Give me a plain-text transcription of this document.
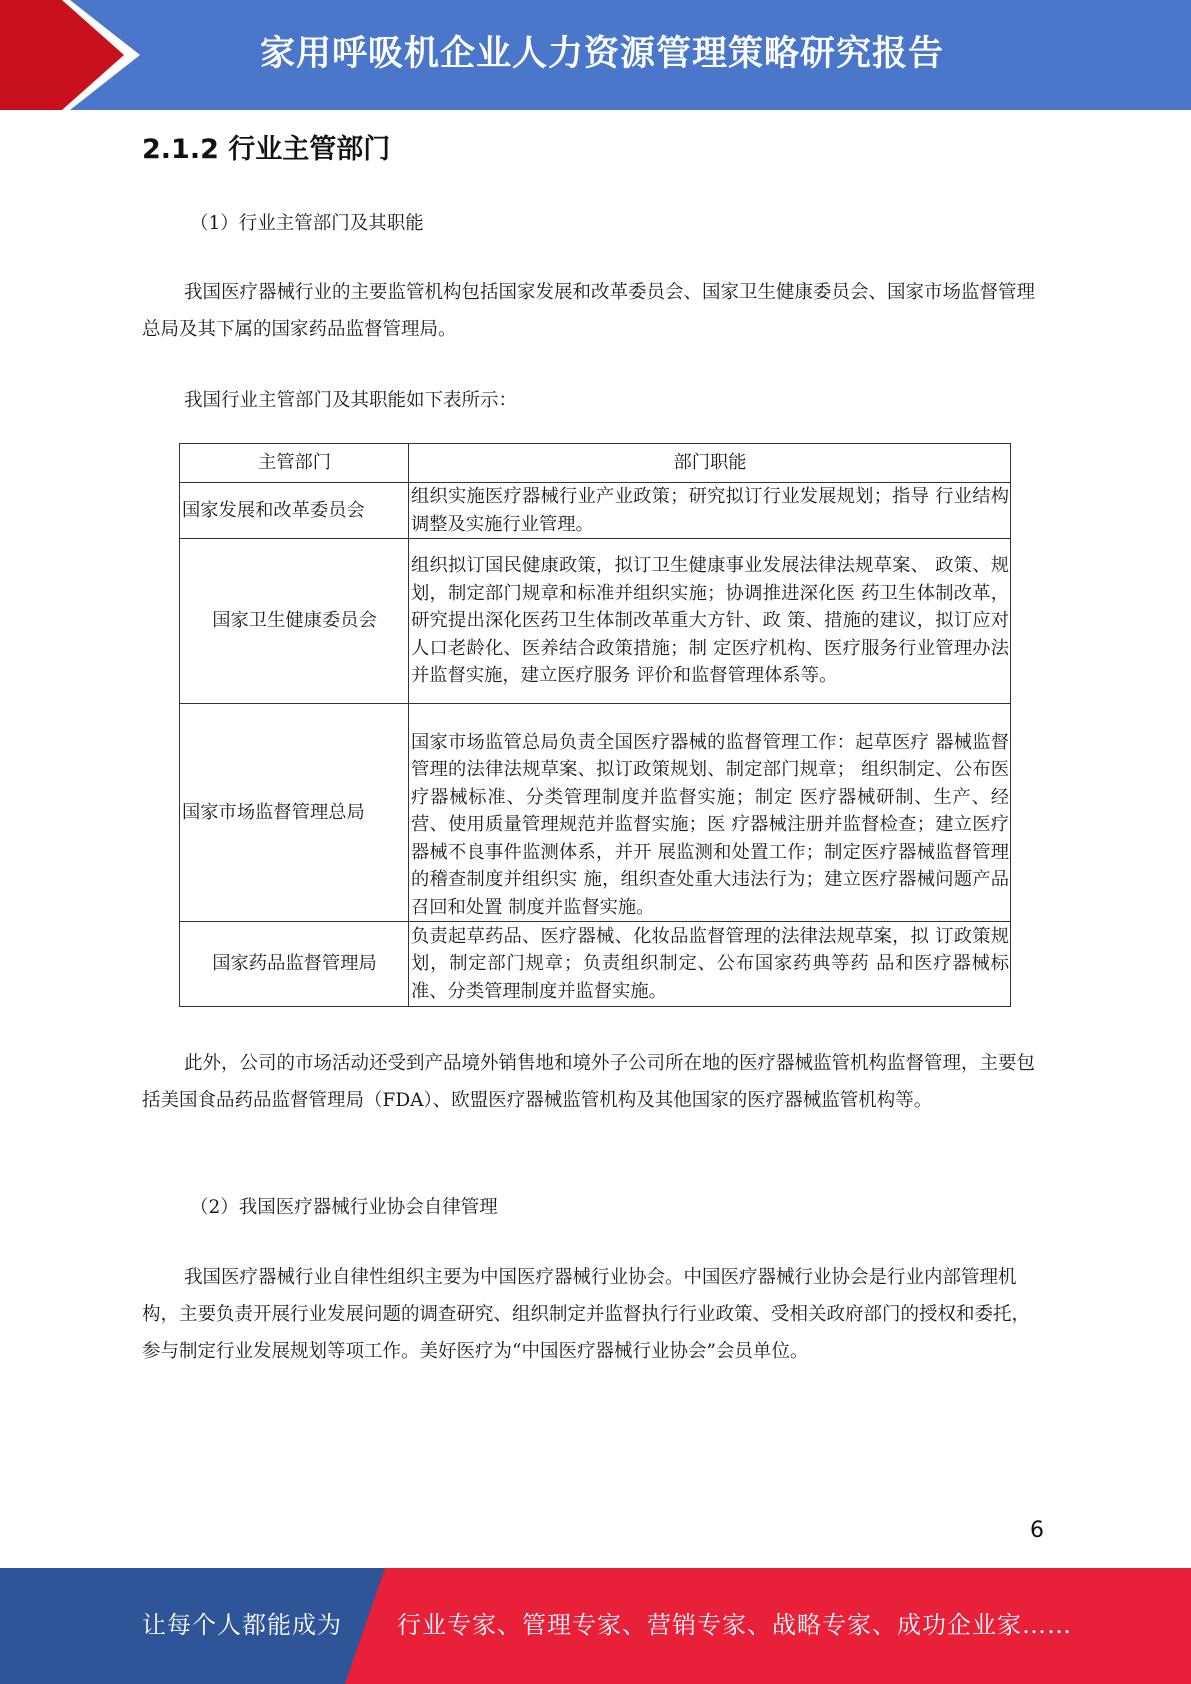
家用呼吸机企业人力资源管理策略研究报告
2.1.2 行业主管部门
（1）行业主管部门及其职能
我国医疗器械行业的主要监管机构包括国家发展和改革委员会、国家卫生健康委员会、国家市场监督管理总局及其下属的国家药品监督管理局。
我国行业主管部门及其职能如下表所示：
主管部门	部门职能
国家发展和改革委员会	组织实施医疗器械行业产业政策；研究拟订行业发展规划；指导 行业结构调整及实施行业管理。
国家卫生健康委员会	组织拟订国民健康政策，拟订卫生健康事业发展法律法规草案、 政策、规划，制定部门规章和标准并组织实施；协调推进深化医 药卫生体制改革，研究提出深化医药卫生体制改革重大方针、政 策、措施的建议，拟订应对人口老龄化、医养结合政策措施；制 定医疗机构、医疗服务行业管理办法并监督实施，建立医疗服务 评价和监督管理体系等。
国家市场监督管理总局	国家市场监管总局负责全国医疗器械的监督管理工作：起草医疗 器械监督管理的法律法规草案、拟订政策规划、制定部门规章； 组织制定、公布医疗器械标准、分类管理制度并监督实施；制定 医疗器械研制、生产、经营、使用质量管理规范并监督实施；医 疗器械注册并监督检查；建立医疗器械不良事件监测体系，并开 展监测和处置工作；制定医疗器械监督管理的稽查制度并组织实 施，组织查处重大违法行为；建立医疗器械问题产品召回和处置 制度并监督实施。
国家药品监督管理局	负责起草药品、医疗器械、化妆品监督管理的法律法规草案，拟 订政策规划，制定部门规章；负责组织制定、公布国家药典等药 品和医疗器械标准、分类管理制度并监督实施。
此外，公司的市场活动还受到产品境外销售地和境外子公司所在地的医疗器械监管机构监督管理，主要包括美国食品药品监督管理局（FDA）、欧盟医疗器械监管机构及其他国家的医疗器械监管机构等。
（2）我国医疗器械行业协会自律管理
我国医疗器械行业自律性组织主要为中国医疗器械行业协会。中国医疗器械行业协会是行业内部管理机构，主要负责开展行业发展问题的调查研究、组织制定并监督执行行业政策、受相关政府部门的授权和委托，参与制定行业发展规划等项工作。美好医疗为“中国医疗器械行业协会”会员单位。
6
让每个人都能成为 行业专家、管理专家、营销专家、战略专家、成功企业家……
